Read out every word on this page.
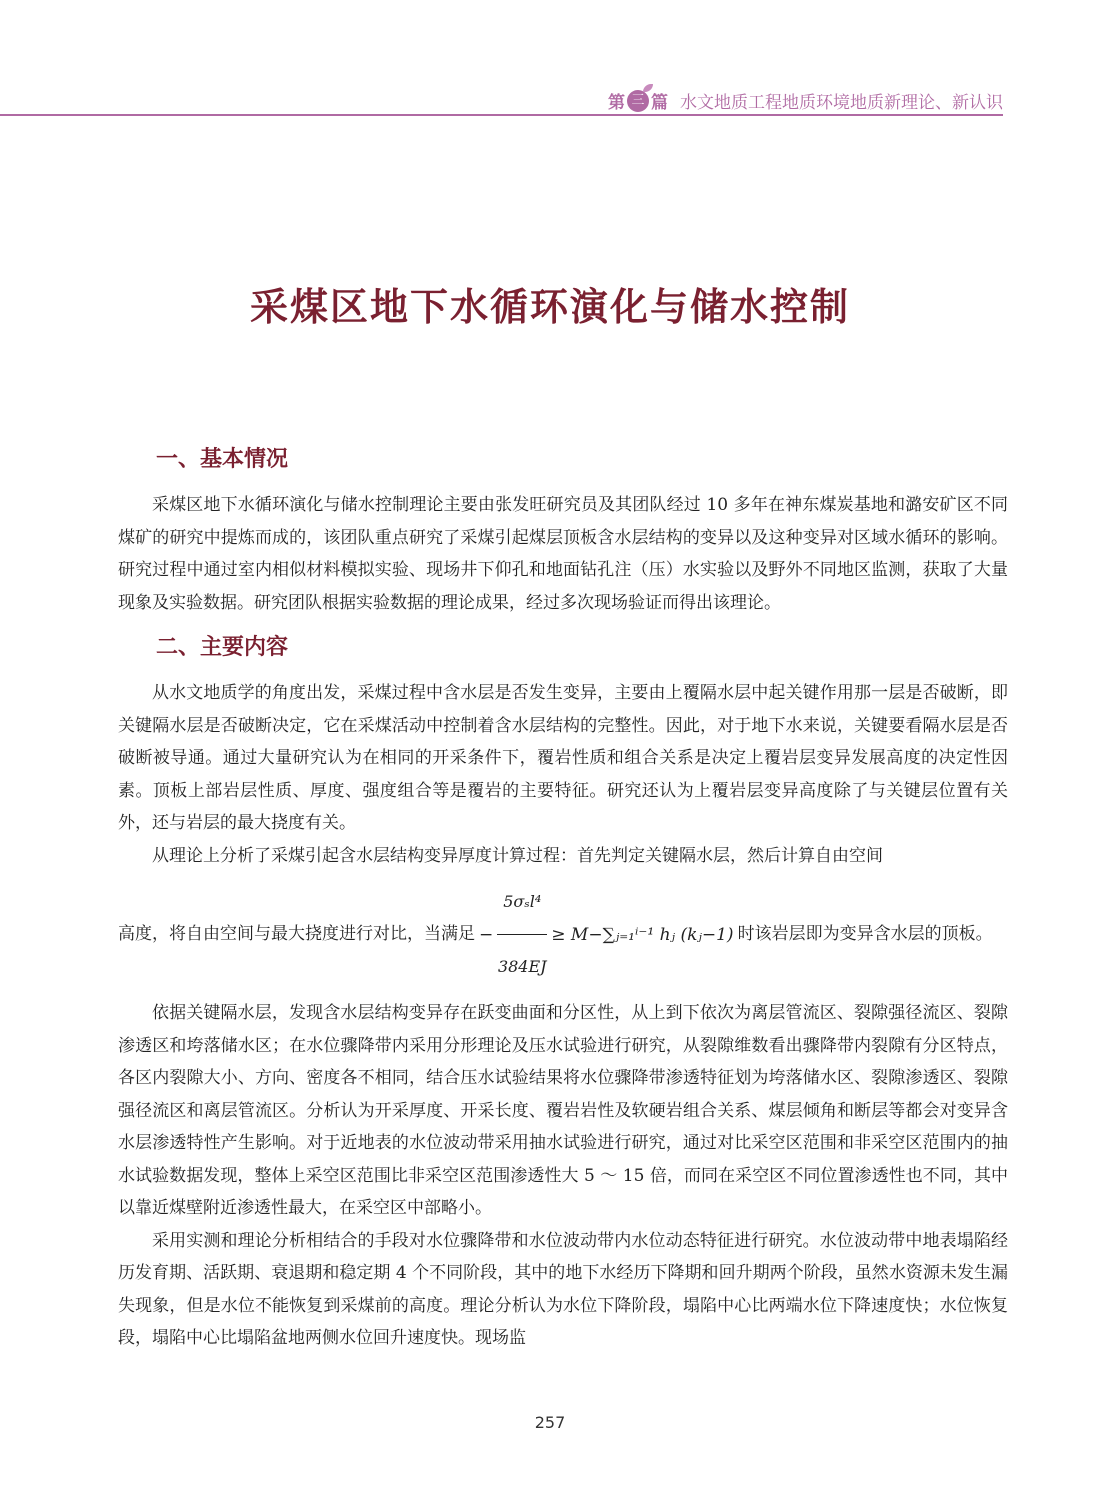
第 三 篇 水文地质工程地质环境地质新理论、新认识
采煤区地下水循环演化与储水控制
一、基本情况

采煤区地下水循环演化与储水控制理论主要由张发旺研究员及其团队经过 10 多年在神东煤炭基地和潞安矿区不同煤矿的研究中提炼而成的，该团队重点研究了采煤引起煤层顶板含水层结构的变异以及这种变异对区域水循环的影响。研究过程中通过室内相似材料模拟实验、现场井下仰孔和地面钻孔注（压）水实验以及野外不同地区监测，获取了大量现象及实验数据。研究团队根据实验数据的理论成果，经过多次现场验证而得出该理论。

二、主要内容

从水文地质学的角度出发，采煤过程中含水层是否发生变异，主要由上覆隔水层中起关键作用那一层是否破断，即关键隔水层是否破断决定，它在采煤活动中控制着含水层结构的完整性。因此，对于地下水来说，关键要看隔水层是否破断被导通。通过大量研究认为在相同的开采条件下，覆岩性质和组合关系是决定上覆岩层变异发展高度的决定性因素。顶板上部岩层性质、厚度、强度组合等是覆岩的主要特征。研究还认为上覆岩层变异高度除了与关键层位置有关外，还与岩层的最大挠度有关。

从理论上分析了采煤引起含水层结构变异厚度计算过程：首先判定关键隔水层，然后计算自由空间

高度，将自由空间与最大挠度进行对比，当满足 − $\frac{\text{5σₛl⁴}}{384EJ}$ ≥ M−∑ⱼ₌₁ⁱ⁻¹ hⱼ (kⱼ−1) 时该岩层即为变异含水层的顶板。

依据关键隔水层，发现含水层结构变异存在跃变曲面和分区性，从上到下依次为离层管流区、裂隙强径流区、裂隙渗透区和垮落储水区；在水位骤降带内采用分形理论及压水试验进行研究，从裂隙维数看出骤降带内裂隙有分区特点，各区内裂隙大小、方向、密度各不相同，结合压水试验结果将水位骤降带渗透特征划为垮落储水区、裂隙渗透区、裂隙强径流区和离层管流区。分析认为开采厚度、开采长度、覆岩岩性及软硬岩组合关系、煤层倾角和断层等都会对变异含水层渗透特性产生影响。对于近地表的水位波动带采用抽水试验进行研究，通过对比采空区范围和非采空区范围内的抽水试验数据发现，整体上采空区范围比非采空区范围渗透性大 5 ～ 15 倍，而同在采空区不同位置渗透性也不同，其中以靠近煤壁附近渗透性最大，在采空区中部略小。

采用实测和理论分析相结合的手段对水位骤降带和水位波动带内水位动态特征进行研究。水位波动带中地表塌陷经历发育期、活跃期、衰退期和稳定期 4 个不同阶段，其中的地下水经历下降期和回升期两个阶段，虽然水资源未发生漏失现象，但是水位不能恢复到采煤前的高度。理论分析认为水位下降阶段，塌陷中心比两端水位下降速度快；水位恢复段，塌陷中心比塌陷盆地两侧水位回升速度快。现场监

257
